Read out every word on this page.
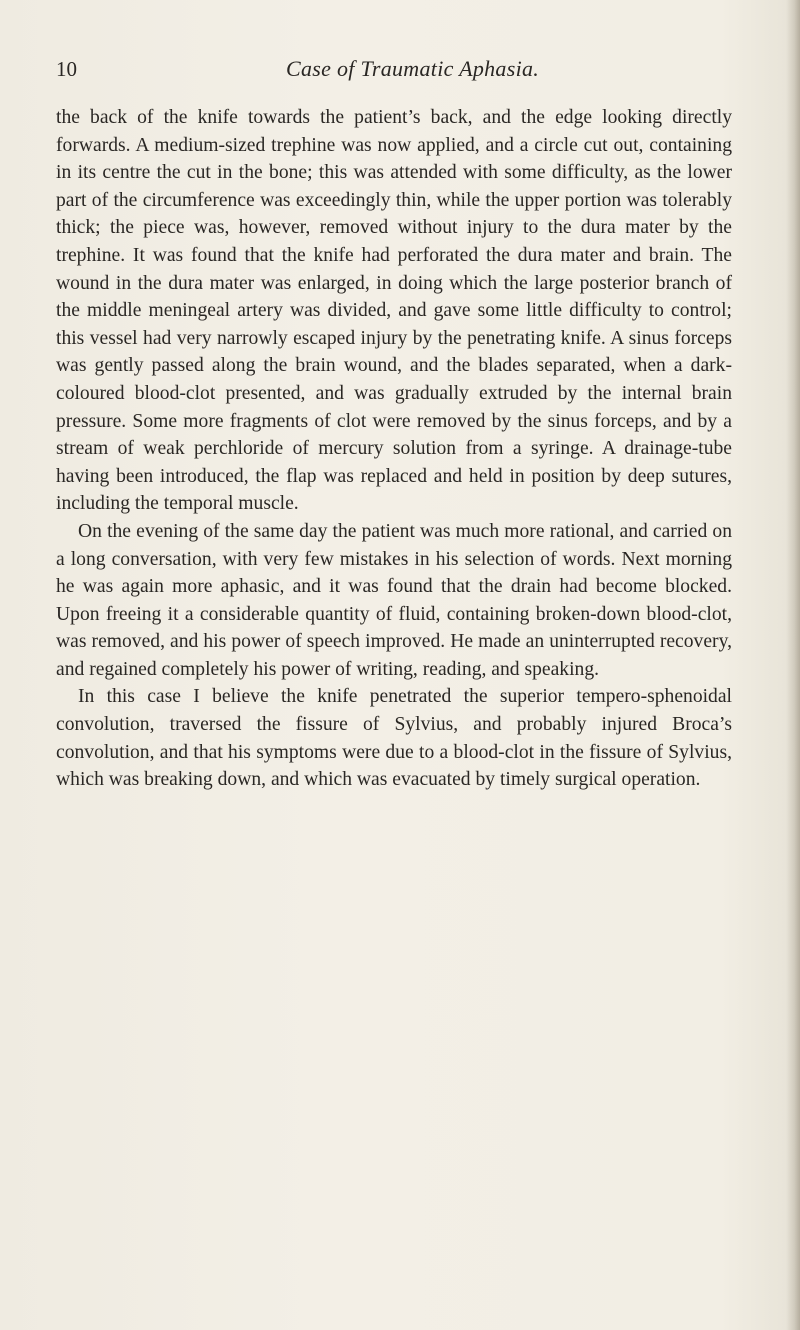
10	Case of Traumatic Aphasia.

the back of the knife towards the patient’s back, and the edge looking directly forwards. A medium-sized trephine was now applied, and a circle cut out, containing in its centre the cut in the bone; this was attended with some difficulty, as the lower part of the circumference was exceedingly thin, while the upper portion was tolerably thick; the piece was, however, removed without injury to the dura mater by the trephine. It was found that the knife had perforated the dura mater and brain. The wound in the dura mater was enlarged, in doing which the large posterior branch of the middle meningeal artery was divided, and gave some little difficulty to control; this vessel had very narrowly escaped injury by the penetrating knife. A sinus forceps was gently passed along the brain wound, and the blades separated, when a dark-coloured blood-clot presented, and was gradually extruded by the internal brain pressure. Some more fragments of clot were removed by the sinus forceps, and by a stream of weak perchloride of mercury solution from a syringe. A drainage-tube having been introduced, the flap was replaced and held in position by deep sutures, including the temporal muscle.

On the evening of the same day the patient was much more rational, and carried on a long conversation, with very few mistakes in his selection of words. Next morning he was again more aphasic, and it was found that the drain had become blocked. Upon freeing it a considerable quantity of fluid, containing broken-down blood-clot, was removed, and his power of speech improved. He made an uninterrupted recovery, and regained completely his power of writing, reading, and speaking.

In this case I believe the knife penetrated the superior tempero-sphenoidal convolution, traversed the fissure of Sylvius, and probably injured Broca’s convolution, and that his symptoms were due to a blood-clot in the fissure of Sylvius, which was breaking down, and which was evacuated by timely surgical operation.
